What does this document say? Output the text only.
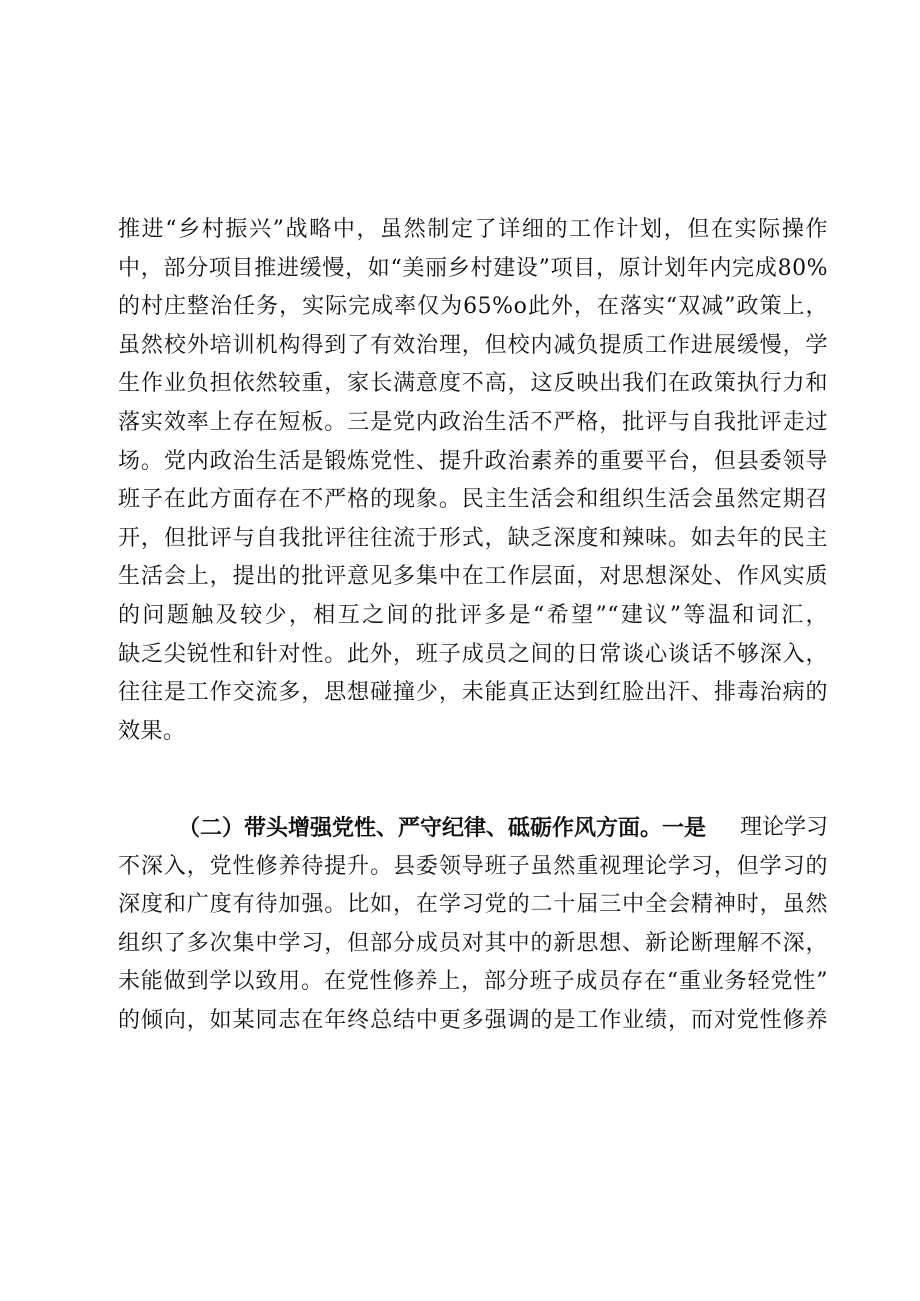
推进“乡村振兴”战略中，虽然制定了详细的工作计划，但在实际操作
中，部分项目推进缓慢，如“美丽乡村建设”项目，原计划年内完成80%
的村庄整治任务，实际完成率仅为65%o此外，在落实“双减”政策上，
虽然校外培训机构得到了有效治理，但校内减负提质工作进展缓慢，学
生作业负担依然较重，家长满意度不高，这反映出我们在政策执行力和
落实效率上存在短板。三是党内政治生活不严格，批评与自我批评走过
场。党内政治生活是锻炼党性、提升政治素养的重要平台，但县委领导
班子在此方面存在不严格的现象。民主生活会和组织生活会虽然定期召
开，但批评与自我批评往往流于形式，缺乏深度和辣味。如去年的民主
生活会上，提出的批评意见多集中在工作层面，对思想深处、作风实质
的问题触及较少，相互之间的批评多是“希望”“建议”等温和词汇，
缺乏尖锐性和针对性。此外，班子成员之间的日常谈心谈话不够深入，
往往是工作交流多，思想碰撞少，未能真正达到红脸出汗、排毒治病的
效果。
（二）带头增强党性、严守纪律、砥砺作风方面。一是 理论学习
不深入，党性修养待提升。县委领导班子虽然重视理论学习，但学习的
深度和广度有待加强。比如，在学习党的二十届三中全会精神时，虽然
组织了多次集中学习，但部分成员对其中的新思想、新论断理解不深，
未能做到学以致用。在党性修养上，部分班子成员存在“重业务轻党性”
的倾向，如某同志在年终总结中更多强调的是工作业绩，而对党性修养
